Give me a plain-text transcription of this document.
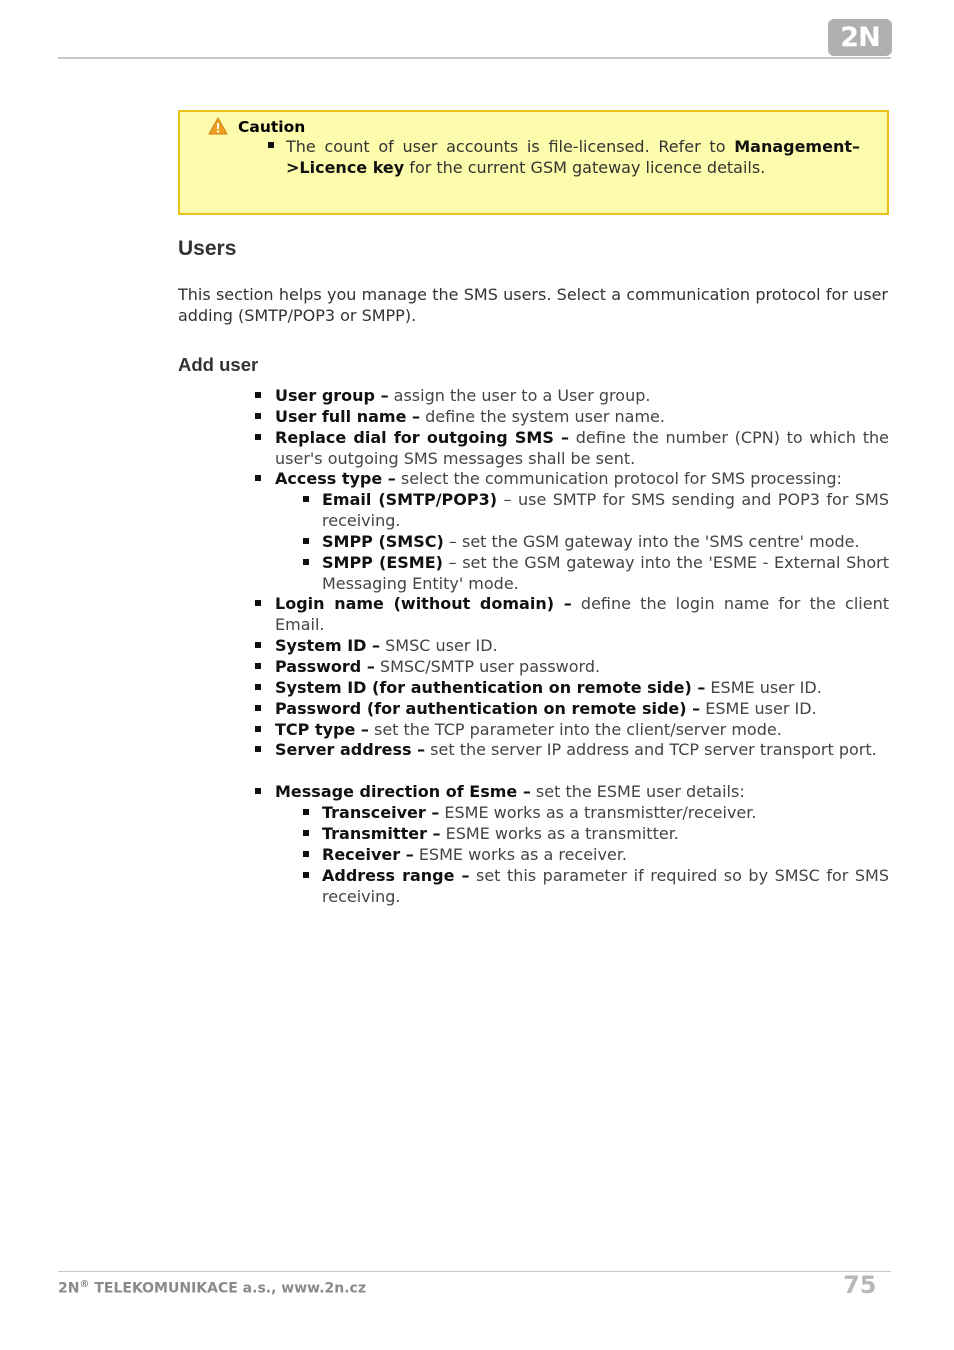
2N
Caution
The count of user accounts is file-licensed. Refer to Management–>Licence key for the current GSM gateway licence details.
Users
This section helps you manage the SMS users. Select a communication protocol for user adding (SMTP/POP3 or SMPP).
Add user
User group – assign the user to a User group.
User full name – define the system user name.
Replace dial for outgoing SMS – define the number (CPN) to which the user's outgoing SMS messages shall be sent.
Access type – select the communication protocol for SMS processing:
Email (SMTP/POP3) – use SMTP for SMS sending and POP3 for SMS receiving.
SMPP (SMSC) – set the GSM gateway into the 'SMS centre' mode.
SMPP (ESME) – set the GSM gateway into the 'ESME - External Short Messaging Entity' mode.
Login name (without domain) – define the login name for the client Email.
System ID – SMSC user ID.
Password – SMSC/SMTP user password.
System ID (for authentication on remote side) – ESME user ID.
Password (for authentication on remote side) – ESME user ID.
TCP type – set the TCP parameter into the client/server mode.
Server address – set the server IP address and TCP server transport port.
Message direction of Esme – set the ESME user details:
Transceiver – ESME works as a transmistter/receiver.
Transmitter – ESME works as a transmitter.
Receiver – ESME works as a receiver.
Address range – set this parameter if required so by SMSC for SMS receiving.
2N® TELEKOMUNIKACE a.s., www.2n.cz	75
